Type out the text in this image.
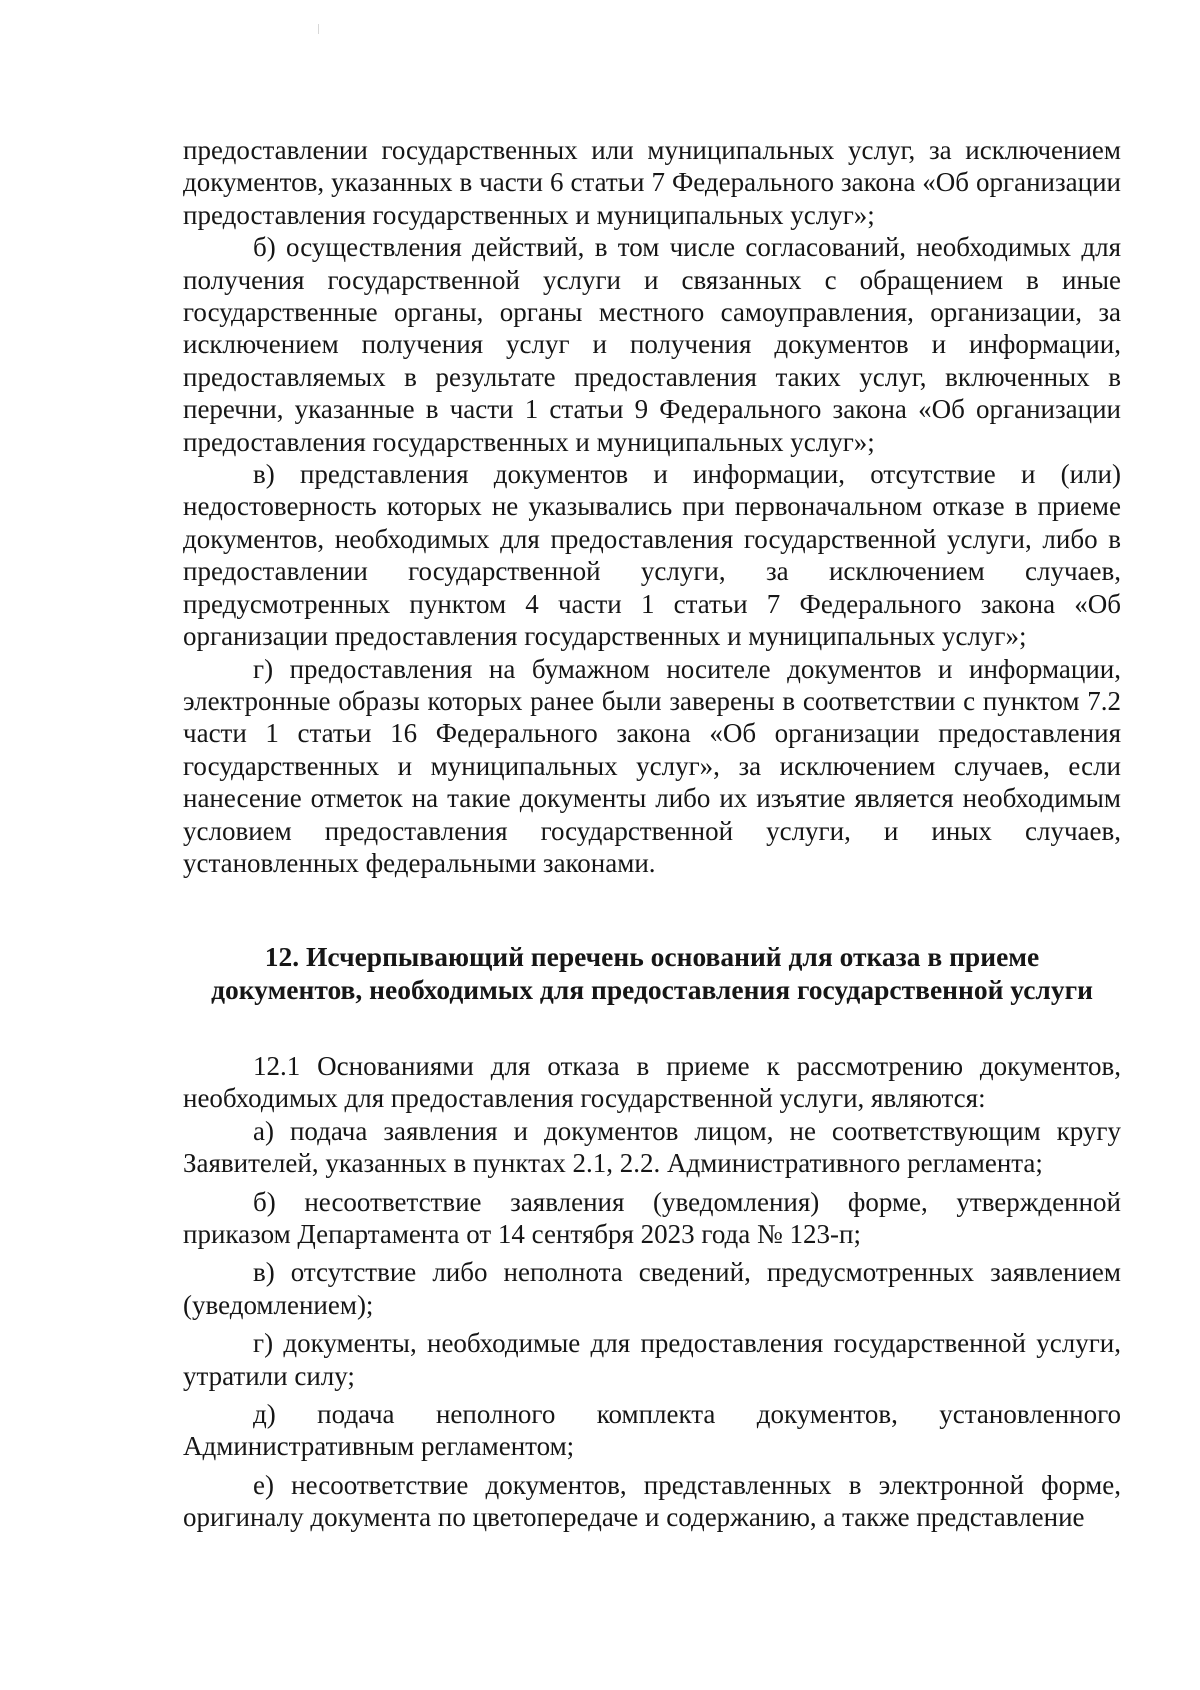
предоставлении государственных или муниципальных услуг, за исключением документов, указанных в части 6 статьи 7 Федерального закона «Об организации предоставления государственных и муниципальных услуг»;

б) осуществления действий, в том числе согласований, необходимых для получения государственной услуги и связанных с обращением в иные государственные органы, органы местного самоуправления, организации, за исключением получения услуг и получения документов и информации, предоставляемых в результате предоставления таких услуг, включенных в перечни, указанные в части 1 статьи 9 Федерального закона «Об организации предоставления государственных и муниципальных услуг»;

в) представления документов и информации, отсутствие и (или) недостоверность которых не указывались при первоначальном отказе в приеме документов, необходимых для предоставления государственной услуги, либо в предоставлении государственной услуги, за исключением случаев, предусмотренных пунктом 4 части 1 статьи 7 Федерального закона «Об организации предоставления государственных и муниципальных услуг»;

г) предоставления на бумажном носителе документов и информации, электронные образы которых ранее были заверены в соответствии с пунктом 7.2 части 1 статьи 16 Федерального закона «Об организации предоставления государственных и муниципальных услуг», за исключением случаев, если нанесение отметок на такие документы либо их изъятие является необходимым условием предоставления государственной услуги, и иных случаев, установленных федеральными законами.

12. Исчерпывающий перечень оснований для отказа в приеме
документов, необходимых для предоставления государственной услуги

12.1 Основаниями для отказа в приеме к рассмотрению документов, необходимых для предоставления государственной услуги, являются:

а) подача заявления и документов лицом, не соответствующим кругу Заявителей, указанных в пунктах 2.1, 2.2. Административного регламента;

б) несоответствие заявления (уведомления) форме, утвержденной приказом Департамента от 14 сентября 2023 года № 123-п;

в) отсутствие либо неполнота сведений, предусмотренных заявлением (уведомлением);

г) документы, необходимые для предоставления государственной услуги, утратили силу;

д) подача неполного комплекта документов, установленного Административным регламентом;

е) несоответствие документов, представленных в электронной форме, оригиналу документа по цветопередаче и содержанию, а также представление
